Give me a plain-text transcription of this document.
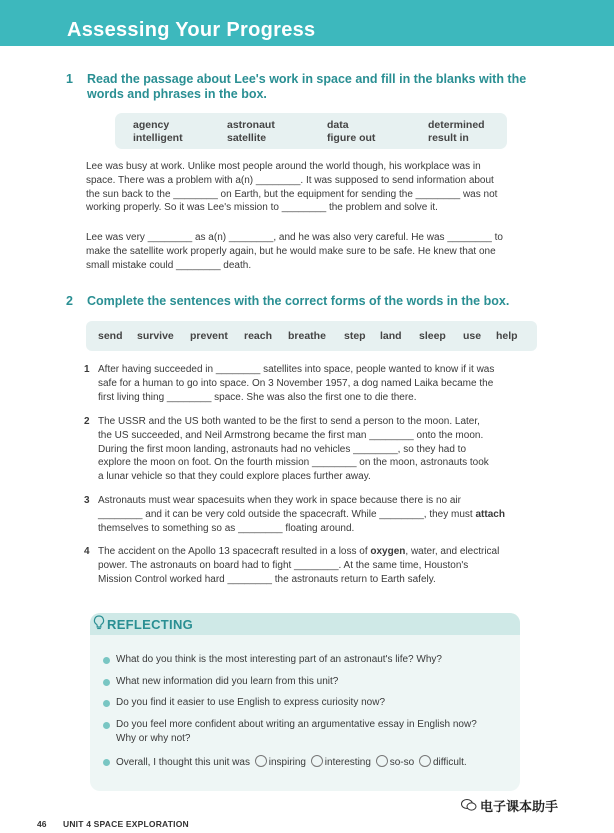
Assessing Your Progress
1 Read the passage about Lee's work in space and fill in the blanks with the
words and phrases in the box.
agency	astronaut	data	determined
intelligent	satellite	figure out	result in

Lee was busy at work. Unlike most people around the world though, his workplace was in
space. There was a problem with a(n) ________. It was supposed to send information about
the sun back to the ________ on Earth, but the equipment for sending the ________ was not
working properly. So it was Lee's mission to ________ the problem and solve it.

Lee was very ________ as a(n) ________, and he was also very careful. He was ________ to
make the satellite work properly again, but he would make sure to be safe. He knew that one
small mistake could ________ death.

2 Complete the sentences with the correct forms of the words in the box.
send survive prevent reach breathe step land sleep use help
1 After having succeeded in ________ satellites into space, people wanted to know if it was
safe for a human to go into space. On 3 November 1957, a dog named Laika became the
first living thing ________ space. She was also the first one to die there.

2 The USSR and the US both wanted to be the first to send a person to the moon. Later,
the US succeeded, and Neil Armstrong became the first man ________ onto the moon.
During the first moon landing, astronauts had no vehicles ________, so they had to
explore the moon on foot. On the fourth mission ________ on the moon, astronauts took
a lunar vehicle so that they could explore places further away.

3 Astronauts must wear spacesuits when they work in space because there is no air
________ and it can be very cold outside the spacecraft. While ________, they must attach
themselves to something so as ________ floating around.

4 The accident on the Apollo 13 spacecraft resulted in a loss of oxygen, water, and electrical
power. The astronauts on board had to fight ________. At the same time, Houston's
Mission Control worked hard ________ the astronauts return to Earth safely.

REFLECTING
What do you think is the most interesting part of an astronaut's life? Why?
What new information did you learn from this unit?
Do you find it easier to use English to express curiosity now?
Do you feel more confident about writing an argumentative essay in English now?
Why or why not?
Overall, I thought this unit was inspiring interesting so-so difficult.
46 UNIT 4 SPACE EXPLORATION
电子课本助手
